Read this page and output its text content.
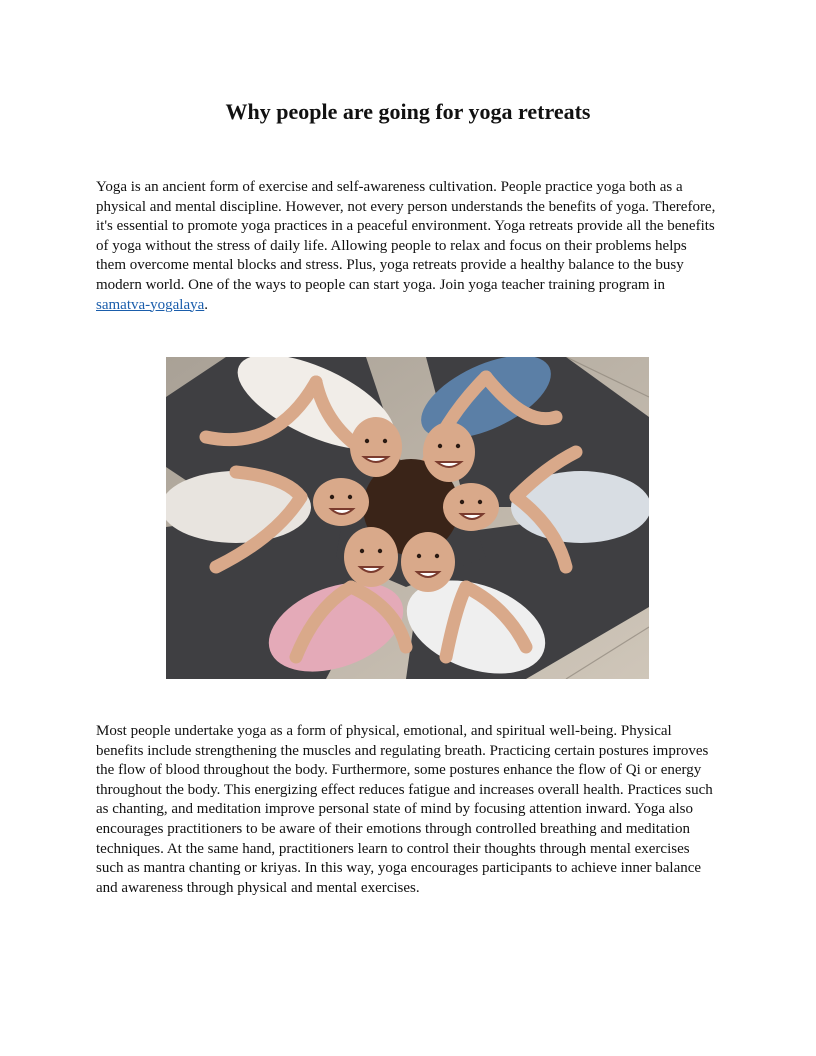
Why people are going for yoga retreats

Yoga is an ancient form of exercise and self-awareness cultivation. People practice yoga both as a physical and mental discipline. However, not every person understands the benefits of yoga. Therefore, it's essential to promote yoga practices in a peaceful environment. Yoga retreats provide all the benefits of yoga without the stress of daily life. Allowing people to relax and focus on their problems helps them overcome mental blocks and stress. Plus, yoga retreats provide a healthy balance to the busy modern world. One of the ways to people can start yoga. Join yoga teacher training program in samatva-yogalaya.

Most people undertake yoga as a form of physical, emotional, and spiritual well-being. Physical benefits include strengthening the muscles and regulating breath. Practicing certain postures improves the flow of blood throughout the body. Furthermore, some postures enhance the flow of Qi or energy throughout the body. This energizing effect reduces fatigue and increases overall health. Practices such as chanting, and meditation improve personal state of mind by focusing attention inward. Yoga also encourages practitioners to be aware of their emotions through controlled breathing and meditation techniques. At the same hand, practitioners learn to control their thoughts through mental exercises such as mantra chanting or kriyas. In this way, yoga encourages participants to achieve inner balance and awareness through physical and mental exercises.
